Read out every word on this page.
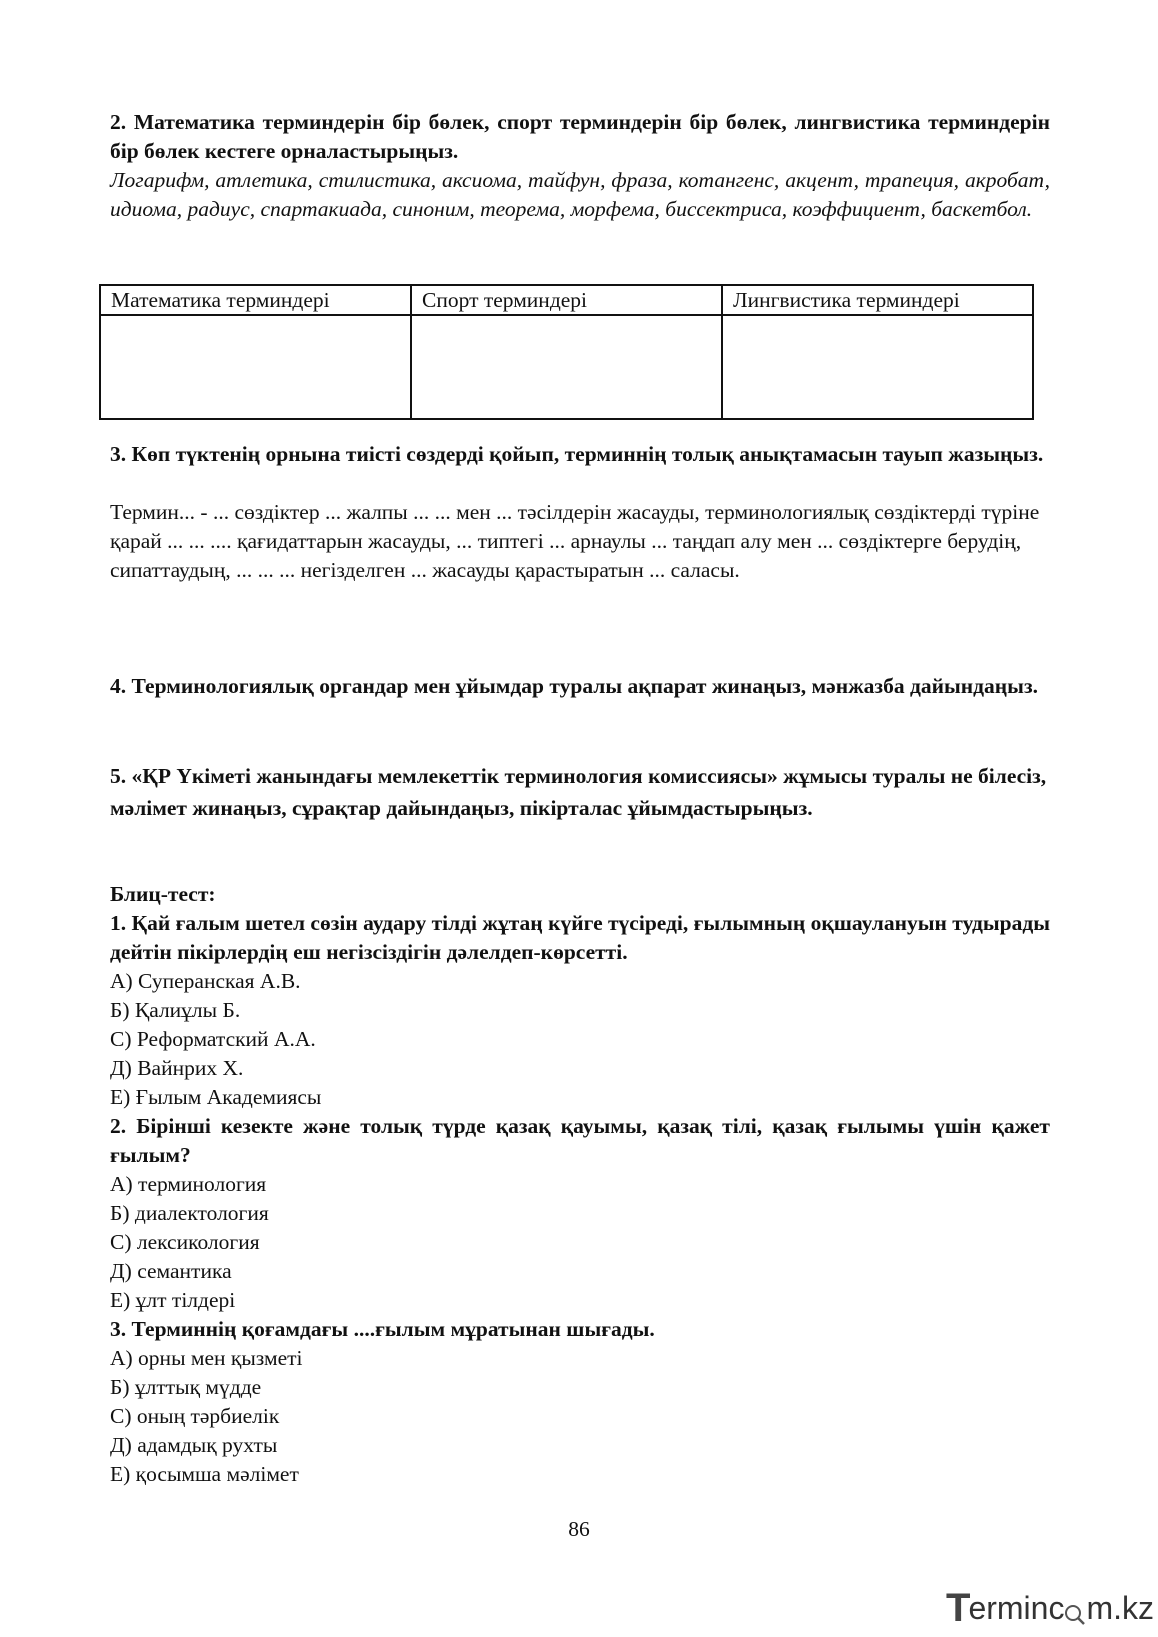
2. Математика терминдерін бір бөлек, спорт терминдерін бір бөлек, лингвистика терминдерін бір бөлек кестеге орналастырыңыз.

Логарифм, атлетика, стилистика, аксиома, тайфун, фраза, котангенс, акцент, трапеция, акробат, идиома, радиус, спартакиада, синоним, теорема, морфема, биссектриса, коэффициент, баскетбол.

Математика терминдері	Спорт терминдері	Лингвистика терминдері

3. Көп түктенің орнына тиісті сөздерді қойып, терминнің толық анықтамасын тауып жазыңыз.

Термин... - ... сөздіктер ... жалпы ... ... мен ... тәсілдерін жасауды, терминологиялық сөздіктерді түріне қарай ... ... .... қағидаттарын жасауды, ... типтегі ... арнаулы ... таңдап алу мен ... сөздіктерге берудің, сипаттаудың, ... ... ... негізделген ... жасауды қарастыратын ... саласы.

4. Терминологиялық органдар мен ұйымдар туралы ақпарат жинаңыз, мәнжазба дайындаңыз.

5. «ҚР Үкіметі жанындағы мемлекеттік терминология комиссиясы» жұмысы туралы не білесіз, мәлімет жинаңыз, сұрақтар дайындаңыз, пікірталас ұйымдастырыңыз.

Блиц-тест:

1. Қай ғалым шетел сөзін аудару тілді жұтаң күйге түсіреді, ғылымның оқшаулануын тудырады дейтін пікірлердің еш негізсіздігін дәлелдеп-көрсетті.

А) Суперанская А.В.

Б) Қалиұлы Б.

С) Реформатский А.А.

Д) Вайнрих Х.

Е) Ғылым Академиясы

2. Бірінші кезекте және толық түрде қазақ қауымы, қазақ тілі, қазақ ғылымы үшін қажет ғылым?

А) терминология

Б) диалектология

С) лексикология

Д) семантика

Е) ұлт тілдері

3. Терминнің қоғамдағы ....ғылым мұратынан шығады.

А) орны мен қызметі

Б) ұлттық мүдде

С) оның тәрбиелік

Д) адамдық рухты

Е) қосымша мәлімет

86
T erminc m.kz
